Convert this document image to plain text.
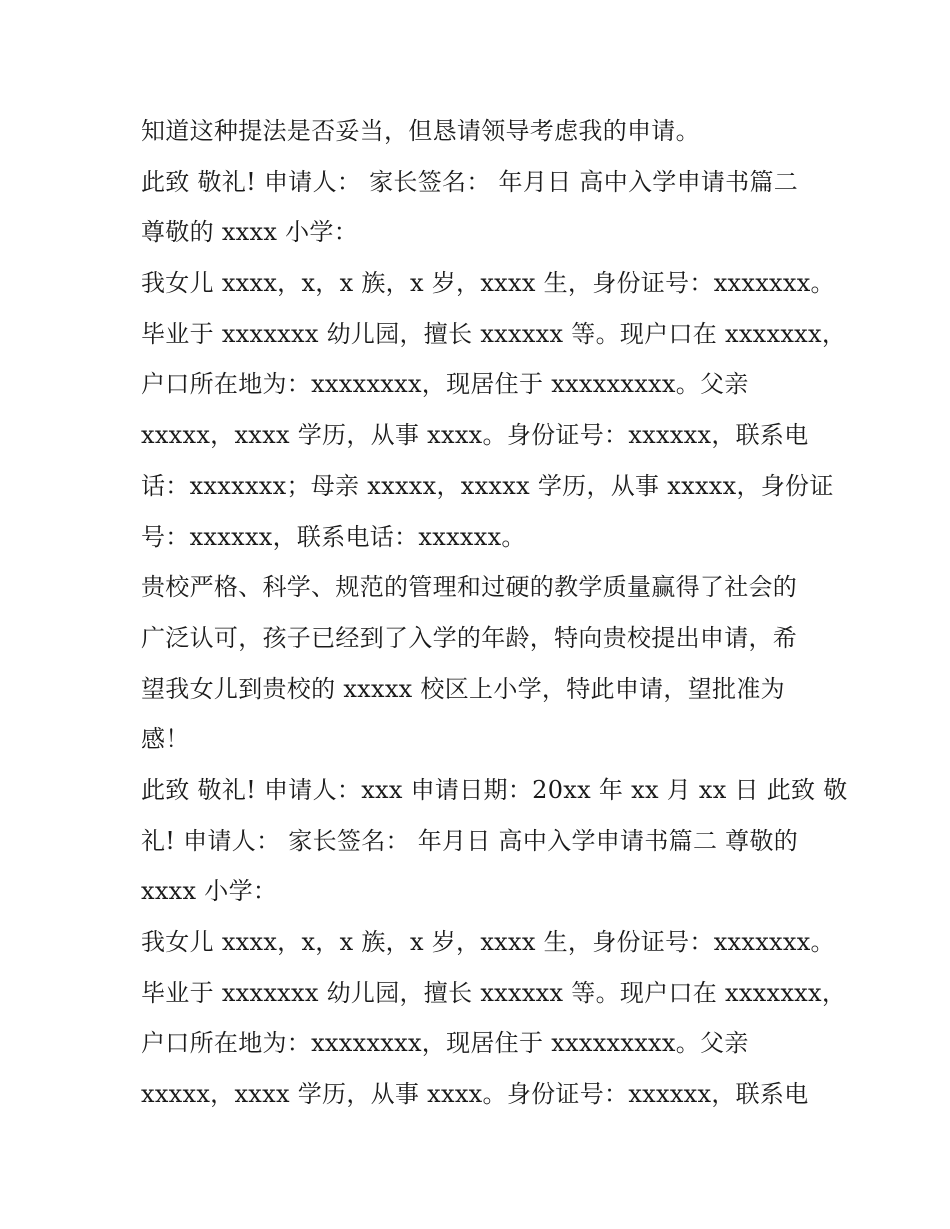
知道这种提法是否妥当，但恳请领导考虑我的申请。
此致 敬礼! 申请人： 家长签名： 年月日 高中入学申请书篇二
尊敬的 xxxx 小学：
我女儿 xxxx，x，x 族，x 岁，xxxx 生，身份证号：xxxxxxx。
毕业于 xxxxxxx 幼儿园，擅长 xxxxxx 等。现户口在 xxxxxxx，
户口所在地为：xxxxxxxx，现居住于 xxxxxxxxx。父亲
xxxxx，xxxx 学历，从事 xxxx。身份证号：xxxxxx，联系电
话：xxxxxxx；母亲 xxxxx，xxxxx 学历，从事 xxxxx，身份证
号：xxxxxx，联系电话：xxxxxx。
贵校严格、科学、规范的管理和过硬的教学质量赢得了社会的
广泛认可，孩子已经到了入学的年龄，特向贵校提出申请，希
望我女儿到贵校的 xxxxx 校区上小学，特此申请，望批准为
感！
此致 敬礼! 申请人：xxx 申请日期：20xx 年 xx 月 xx 日 此致 敬
礼! 申请人： 家长签名： 年月日 高中入学申请书篇二 尊敬的
xxxx 小学：
我女儿 xxxx，x，x 族，x 岁，xxxx 生，身份证号：xxxxxxx。
毕业于 xxxxxxx 幼儿园，擅长 xxxxxx 等。现户口在 xxxxxxx，
户口所在地为：xxxxxxxx，现居住于 xxxxxxxxx。父亲
xxxxx，xxxx 学历，从事 xxxx。身份证号：xxxxxx，联系电
